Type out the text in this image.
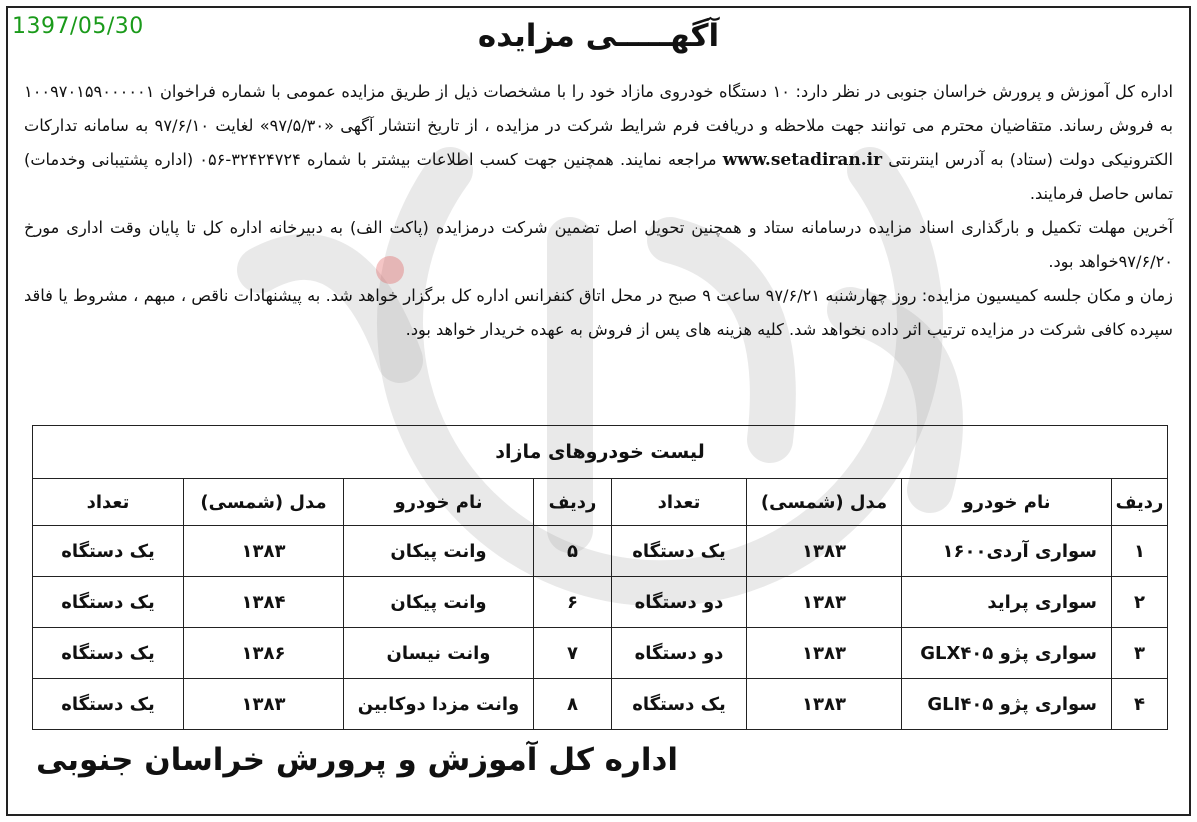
1397/05/30	آگهـــــی مزایده

اداره کل آموزش و پرورش خراسان جنوبی در نظر دارد: ۱۰ دستگاه خودروی مازاد خود را با مشخصات ذیل از طریق مزایده عمومی با شماره فراخوان ۱۰۰۹۷۰۱۵۹۰۰۰۰۰۱ به فروش رساند. متقاضیان محترم می توانند جهت ملاحظه و دریافت فرم شرایط شرکت در مزایده ، از تاریخ انتشار آگهی «۹۷/۵/۳۰» لغایت ۹۷/۶/۱۰ به سامانه تدارکات الکترونیکی دولت (ستاد) به آدرس اینترنتی www.setadiran.ir مراجعه نمایند. همچنین جهت کسب اطلاعات بیشتر با شماره ۳۲۴۲۴۷۲۴-۰۵۶ (اداره پشتیبانی وخدمات) تماس حاصل فرمایند.

آخرین مهلت تکمیل و بارگذاری اسناد مزایده درسامانه ستاد و همچنین تحویل اصل تضمین شرکت درمزایده (پاکت الف) به دبیرخانه اداره کل تا پایان وقت اداری مورخ ۹۷/۶/۲۰خواهد بود.

زمان و مکان جلسه کمیسیون مزایده: روز چهارشنبه ۹۷/۶/۲۱ ساعت ۹ صبح در محل اتاق کنفرانس اداره کل برگزار خواهد شد. به پیشنهادات ناقص ، مبهم ، مشروط یا فاقد سپرده کافی شرکت در مزایده ترتیب اثر داده نخواهد شد. کلیه هزینه های پس از فروش به عهده خریدار خواهد بود.

لیست خودروهای مازاد							
ردیف	نام خودرو	مدل (شمسی)	تعداد	ردیف	نام خودرو	مدل (شمسی)	تعداد
۱	سواری آردی۱۶۰۰	۱۳۸۳	یک دستگاه	۵	وانت پیکان	۱۳۸۳	یک دستگاه
۲	سواری پراید	۱۳۸۳	دو دستگاه	۶	وانت پیکان	۱۳۸۴	یک دستگاه
۳	سواری پژو GLX۴۰۵	۱۳۸۳	دو دستگاه	۷	وانت نیسان	۱۳۸۶	یک دستگاه
۴	سواری پژو GLI۴۰۵	۱۳۸۳	یک دستگاه	۸	وانت مزدا دوکابین	۱۳۸۳	یک دستگاه
اداره کل آموزش و پرورش خراسان جنوبی
